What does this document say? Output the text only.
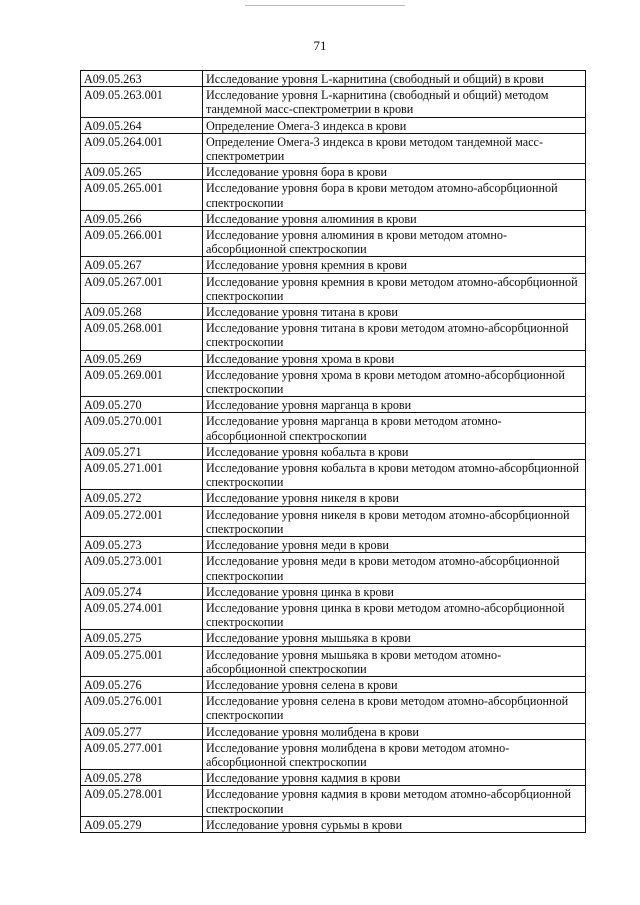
71
A09.05.263	Исследование уровня L-карнитина (свободный и общий) в крови
A09.05.263.001	Исследование уровня L-карнитина (свободный и общий) методом тандемной масс-спектрометрии в крови
A09.05.264	Определение Омега-3 индекса в крови
A09.05.264.001	Определение Омега-3 индекса в крови методом тандемной масс-спектрометрии
A09.05.265	Исследование уровня бора в крови
A09.05.265.001	Исследование уровня бора в крови методом атомно-абсорбционной спектроскопии
A09.05.266	Исследование уровня алюминия в крови
A09.05.266.001	Исследование уровня алюминия в крови методом атомно-абсорбционной спектроскопии
A09.05.267	Исследование уровня кремния в крови
A09.05.267.001	Исследование уровня кремния в крови методом атомно-абсорбционной спектроскопии
A09.05.268	Исследование уровня титана в крови
A09.05.268.001	Исследование уровня титана в крови методом атомно-абсорбционной спектроскопии
A09.05.269	Исследование уровня хрома в крови
A09.05.269.001	Исследование уровня хрома в крови методом атомно-абсорбционной спектроскопии
A09.05.270	Исследование уровня марганца в крови
A09.05.270.001	Исследование уровня марганца в крови методом атомно-абсорбционной спектроскопии
A09.05.271	Исследование уровня кобальта в крови
A09.05.271.001	Исследование уровня кобальта в крови методом атомно-абсорбционной спектроскопии
A09.05.272	Исследование уровня никеля в крови
A09.05.272.001	Исследование уровня никеля в крови методом атомно-абсорбционной спектроскопии
A09.05.273	Исследование уровня меди в крови
A09.05.273.001	Исследование уровня меди в крови методом атомно-абсорбционной спектроскопии
A09.05.274	Исследование уровня цинка в крови
A09.05.274.001	Исследование уровня цинка в крови методом атомно-абсорбционной спектроскопии
A09.05.275	Исследование уровня мышьяка в крови
A09.05.275.001	Исследование уровня мышьяка в крови методом атомно-абсорбционной спектроскопии
A09.05.276	Исследование уровня селена в крови
A09.05.276.001	Исследование уровня селена в крови методом атомно-абсорбционной спектроскопии
A09.05.277	Исследование уровня молибдена в крови
A09.05.277.001	Исследование уровня молибдена в крови методом атомно-абсорбционной спектроскопии
A09.05.278	Исследование уровня кадмия в крови
A09.05.278.001	Исследование уровня кадмия в крови методом атомно-абсорбционной спектроскопии
A09.05.279	Исследование уровня сурьмы в крови
